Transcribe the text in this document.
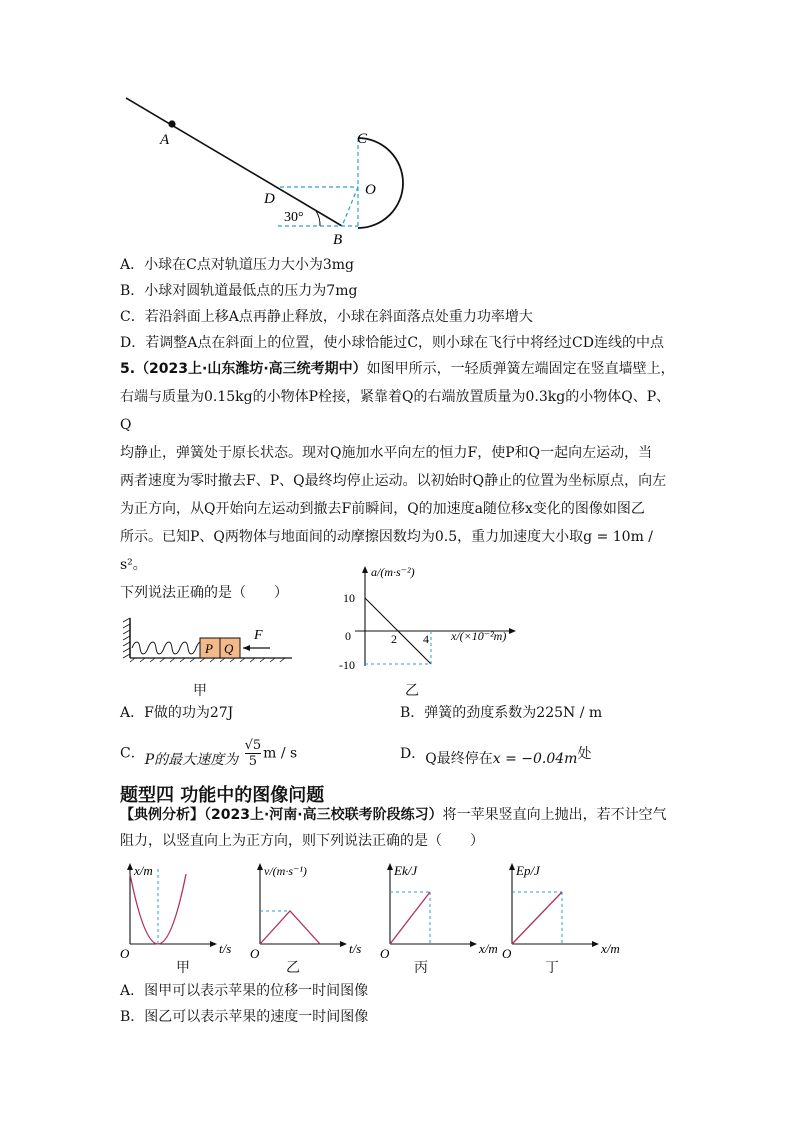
A
B
C
D
O
30°
A．小球在C点对轨道压力大小为3mg
B．小球对圆轨道最低点的压力为7mg
C．若沿斜面上移A点再静止释放，小球在斜面落点处重力功率增大
D．若调整A点在斜面上的位置，使小球恰能过C，则小球在飞行中将经过CD连线的中点
5.（2023上·山东潍坊·高三统考期中）如图甲所示，一轻质弹簧左端固定在竖直墙壁上，
右端与质量为0.15kg的小物体P栓接，紧靠着Q的右端放置质量为0.3kg的小物体Q、P、Q
均静止，弹簧处于原长状态。现对Q施加水平向左的恒力F，使P和Q一起向左运动，当
两者速度为零时撤去F、P、Q最终均停止运动。以初始时Q静止的位置为坐标原点，向左
为正方向，从Q开始向左运动到撤去F前瞬间，Q的加速度a随位移x变化的图像如图乙
所示。已知P、Q两物体与地面间的动摩擦因数均为0.5，重力加速度大小取g = 10m / s²。
下列说法正确的是（　　）
P Q
F
甲
a/(m·s⁻²)
x/(×10⁻²m)
10
0
-10
2 4
乙
A．F做的功为27J	B．弹簧的劲度系数为225N / m
C．P的最大速度为 $\frac{√5}{5}$ m / s	D．Q最终停在x = −0.04m处
题型四 功能中的图像问题
【典例分析】（2023上·河南·高三校联考阶段练习）将一苹果竖直向上抛出，若不计空气
阻力，以竖直向上为正方向，则下列说法正确的是（　　）
x/m
t/s
O
v/(m·s⁻¹)
t/s
O
Ek/J
x/m
O
Ep/J
x/m
O
甲	乙	丙	丁
A．图甲可以表示苹果的位移一时间图像
B．图乙可以表示苹果的速度一时间图像
